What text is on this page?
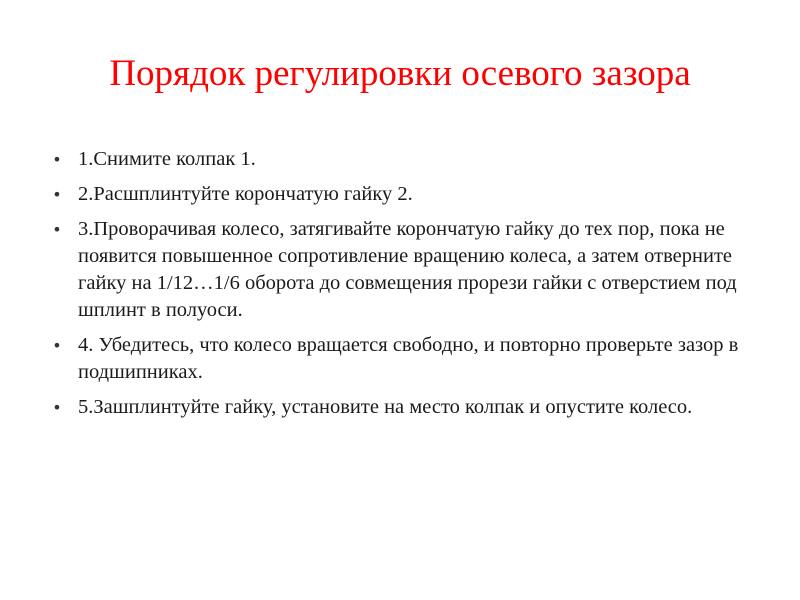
Порядок регулировки осевого зазора
• 1.Снимите колпак 1.
• 2.Расшплинтуйте корончатую гайку 2.
• 3.Проворачивая колесо, затягивайте корончатую гайку до тех пор, пока не появится повышенное сопротивление вращению колеса, а затем отверните гайку на 1/12…1/6 оборота до совмещения прорези гайки с отверстием под шплинт в полуоси.
• 4. Убедитесь, что колесо вращается свободно, и повторно проверьте зазор в подшипниках.
• 5.Зашплинтуйте гайку, установите на место колпак и опустите колесо.
